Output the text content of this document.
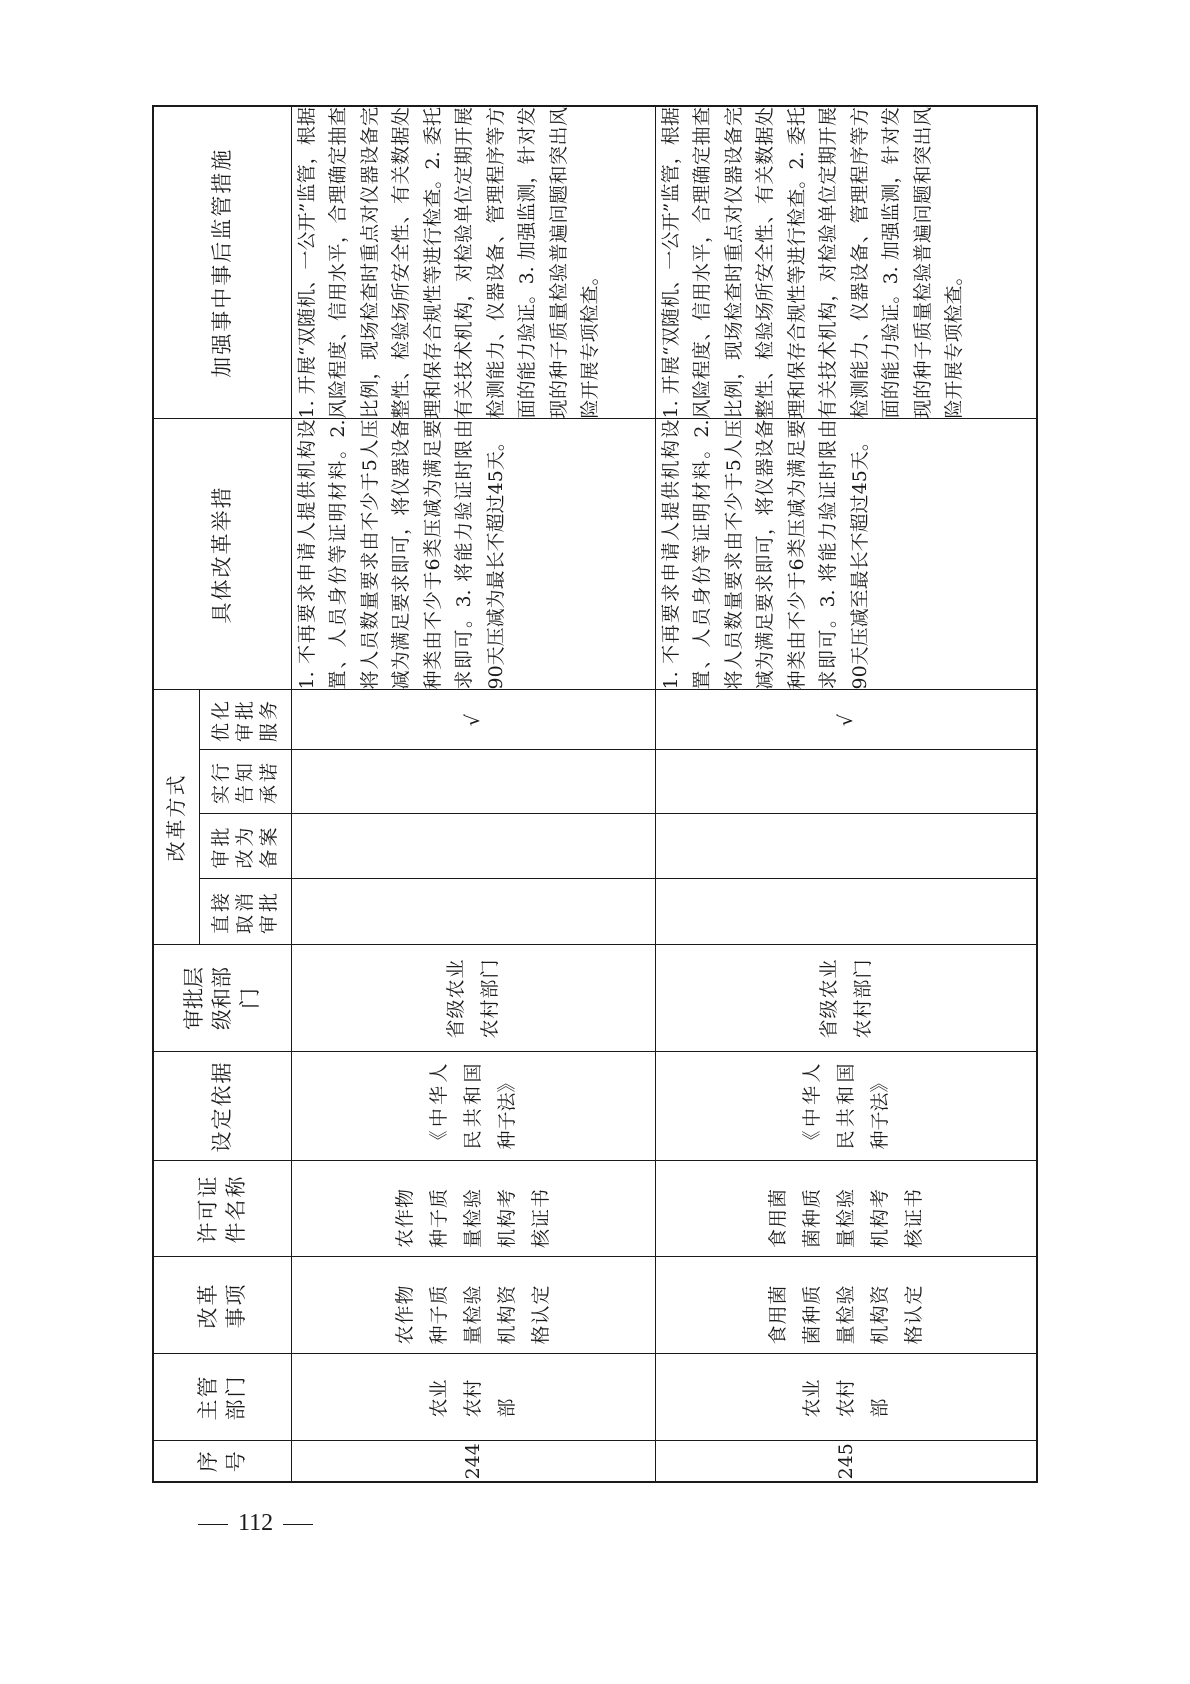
序号	主管部门	改革事项	许可证件名称	设定依据	审批层级和部门	改革方式				具体改革举措	加强事中事后监管措施
						直接取消审批	审批改为备案	实行告知承诺	优化审批服务		
244	农业农村部	农作物种子质量检验机构资格认定	农作物种子质量检验机构考核证书	《中华人民共和国种子法》	省级农业农村部门				√	1. 不再要求申请人提供机构设置、人员身份等证明材料。2. 将人员数量要求由不少于5人压减为满足要求即可，将仪器设备种类由不少于6类压减为满足要求即可。3. 将能力验证时限由90天压减为最长不超过45天。	1. 开展“双随机、一公开”监管，根据风险程度、信用水平，合理确定抽查比例，现场检查时重点对仪器设备完整性、检验场所安全性、有关数据处理和保存合规性等进行检查。2. 委托有关技术机构，对检验单位定期开展检测能力、仪器设备、管理程序等方面的能力验证。3. 加强监测，针对发现的种子质量检验普遍问题和突出风险开展专项检查。
245	农业农村部	食用菌菌种质量检验机构资格认定	食用菌菌种质量检验机构考核证书	《中华人民共和国种子法》	省级农业农村部门				√	1. 不再要求申请人提供机构设置、人员身份等证明材料。2. 将人员数量要求由不少于5人压减为满足要求即可，将仪器设备种类由不少于6类压减为满足要求即可。3. 将能力验证时限由90天压减至最长不超过45天。	1. 开展“双随机、一公开”监管，根据风险程度、信用水平，合理确定抽查比例，现场检查时重点对仪器设备完整性、检验场所安全性、有关数据处理和保存合规性等进行检查。2. 委托有关技术机构，对检验单位定期开展检测能力、仪器设备、管理程序等方面的能力验证。3. 加强监测，针对发现的种子质量检验普遍问题和突出风险开展专项检查。
112
